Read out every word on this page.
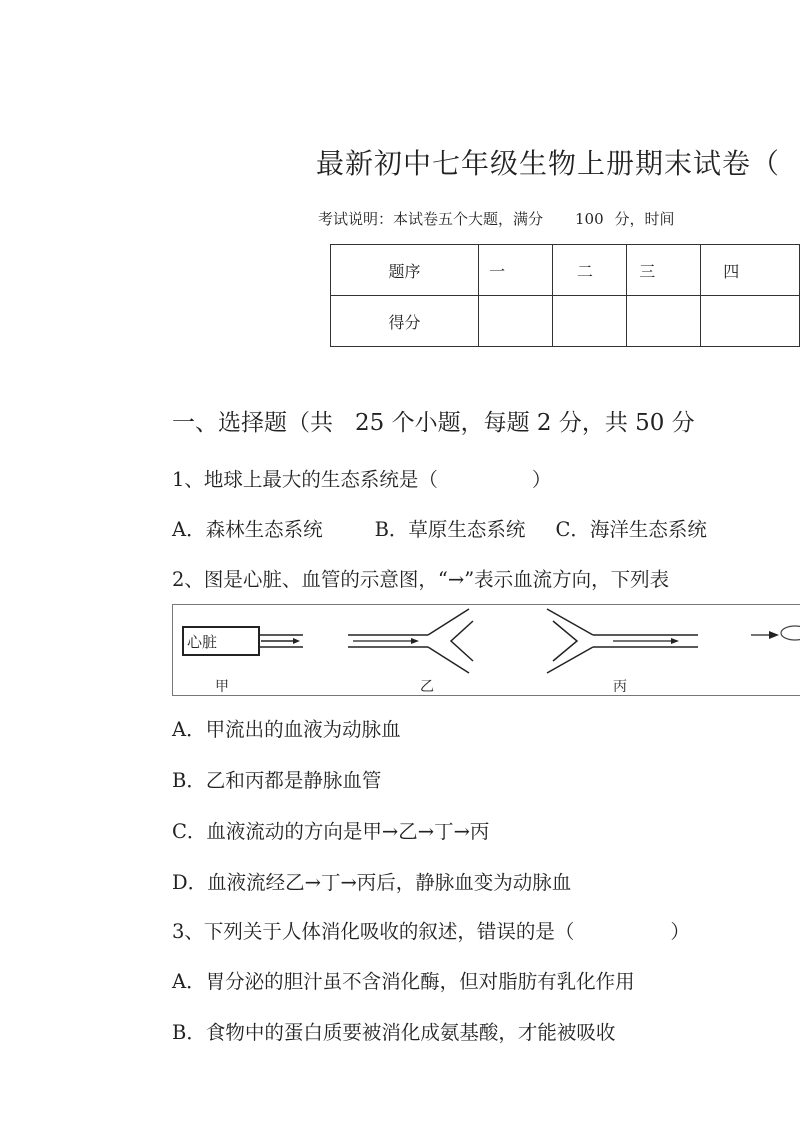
最新初中七年级生物上册期末试卷（
考试说明：本试卷五个大题，满分 100 分，时间
题序	一	二	三	四
得分				
一、选择题（共 25 个小题，每题 2 分，共 50 分
1、地球上最大的生态系统是（	）
A．森林生态系统	B．草原生态系统 C．海洋生态系统
2、图是心脏、血管的示意图，“→”表示血流方向，下列表
心脏
甲	乙	丙
A．甲流出的血液为动脉血
B．乙和丙都是静脉血管
C．血液流动的方向是甲→乙→丁→丙
D．血液流经乙→丁→丙后，静脉血变为动脉血
3、下列关于人体消化吸收的叙述，错误的是（	）
A．胃分泌的胆汁虽不含消化酶，但对脂肪有乳化作用
B．食物中的蛋白质要被消化成氨基酸，才能被吸收
